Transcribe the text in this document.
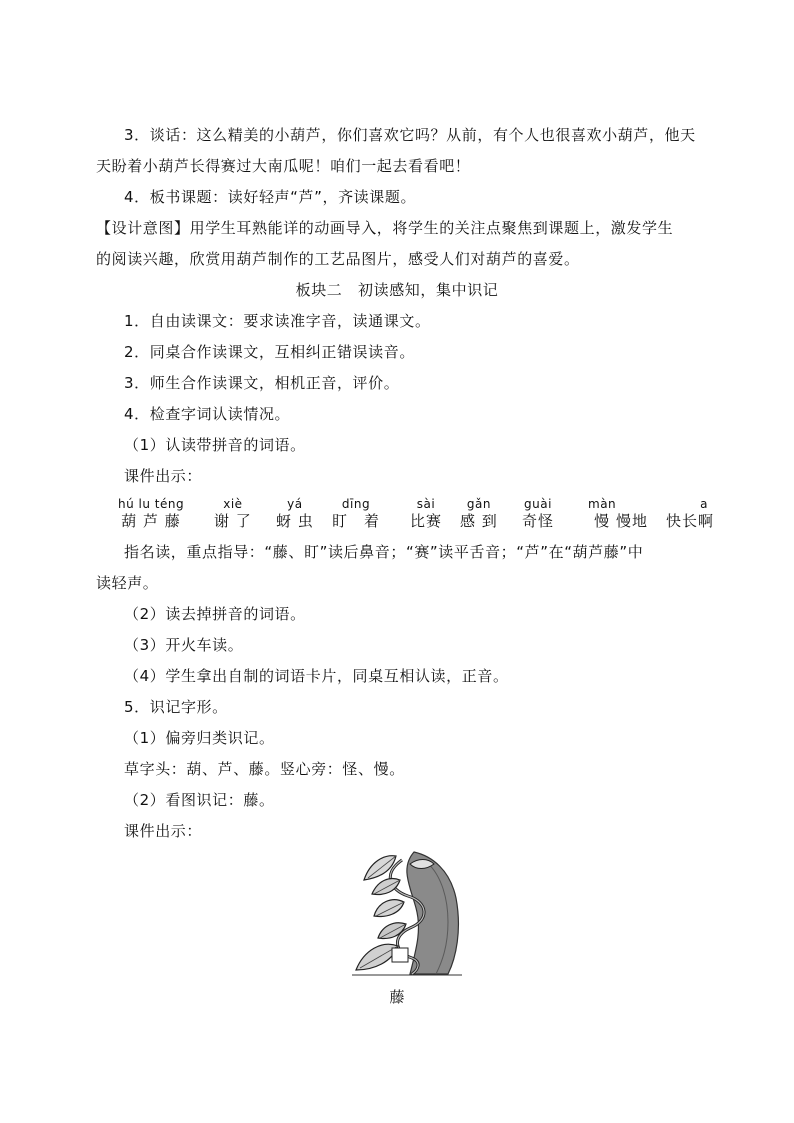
3．谈话：这么精美的小葫芦，你们喜欢它吗？从前，有个人也很喜欢小葫芦，他天
天盼着小葫芦长得赛过大南瓜呢！咱们一起去看看吧！
4．板书课题：读好轻声“芦”，齐读课题。
【设计意图】用学生耳熟能详的动画导入，将学生的关注点聚焦到课题上，激发学生
的阅读兴趣，欣赏用葫芦制作的工艺品图片，感受人们对葫芦的喜爱。
板块二　初读感知，集中识记
1．自由读课文：要求读准字音，读通课文。
2．同桌合作读课文，互相纠正错误读音。
3．师生合作读课文，相机正音，评价。
4．检查字词认读情况。
（1）认读带拼音的词语。
课件出示：
hú lu téng
葫 芦 藤
xiè
谢 了
yá
蚜 虫
dīng
盯　着
sài
比赛
gǎn
感 到
guài
奇怪
màn
慢 慢地
a
快长啊
指名读，重点指导：“藤、盯”读后鼻音；“赛”读平舌音；“芦”在“葫芦藤”中
读轻声。
（2）读去掉拼音的词语。
（3）开火车读。
（4）学生拿出自制的词语卡片，同桌互相认读，正音。
5．识记字形。
（1）偏旁归类识记。
草字头：葫、芦、藤。竖心旁：怪、慢。
（2）看图识记：藤。
课件出示：
藤
